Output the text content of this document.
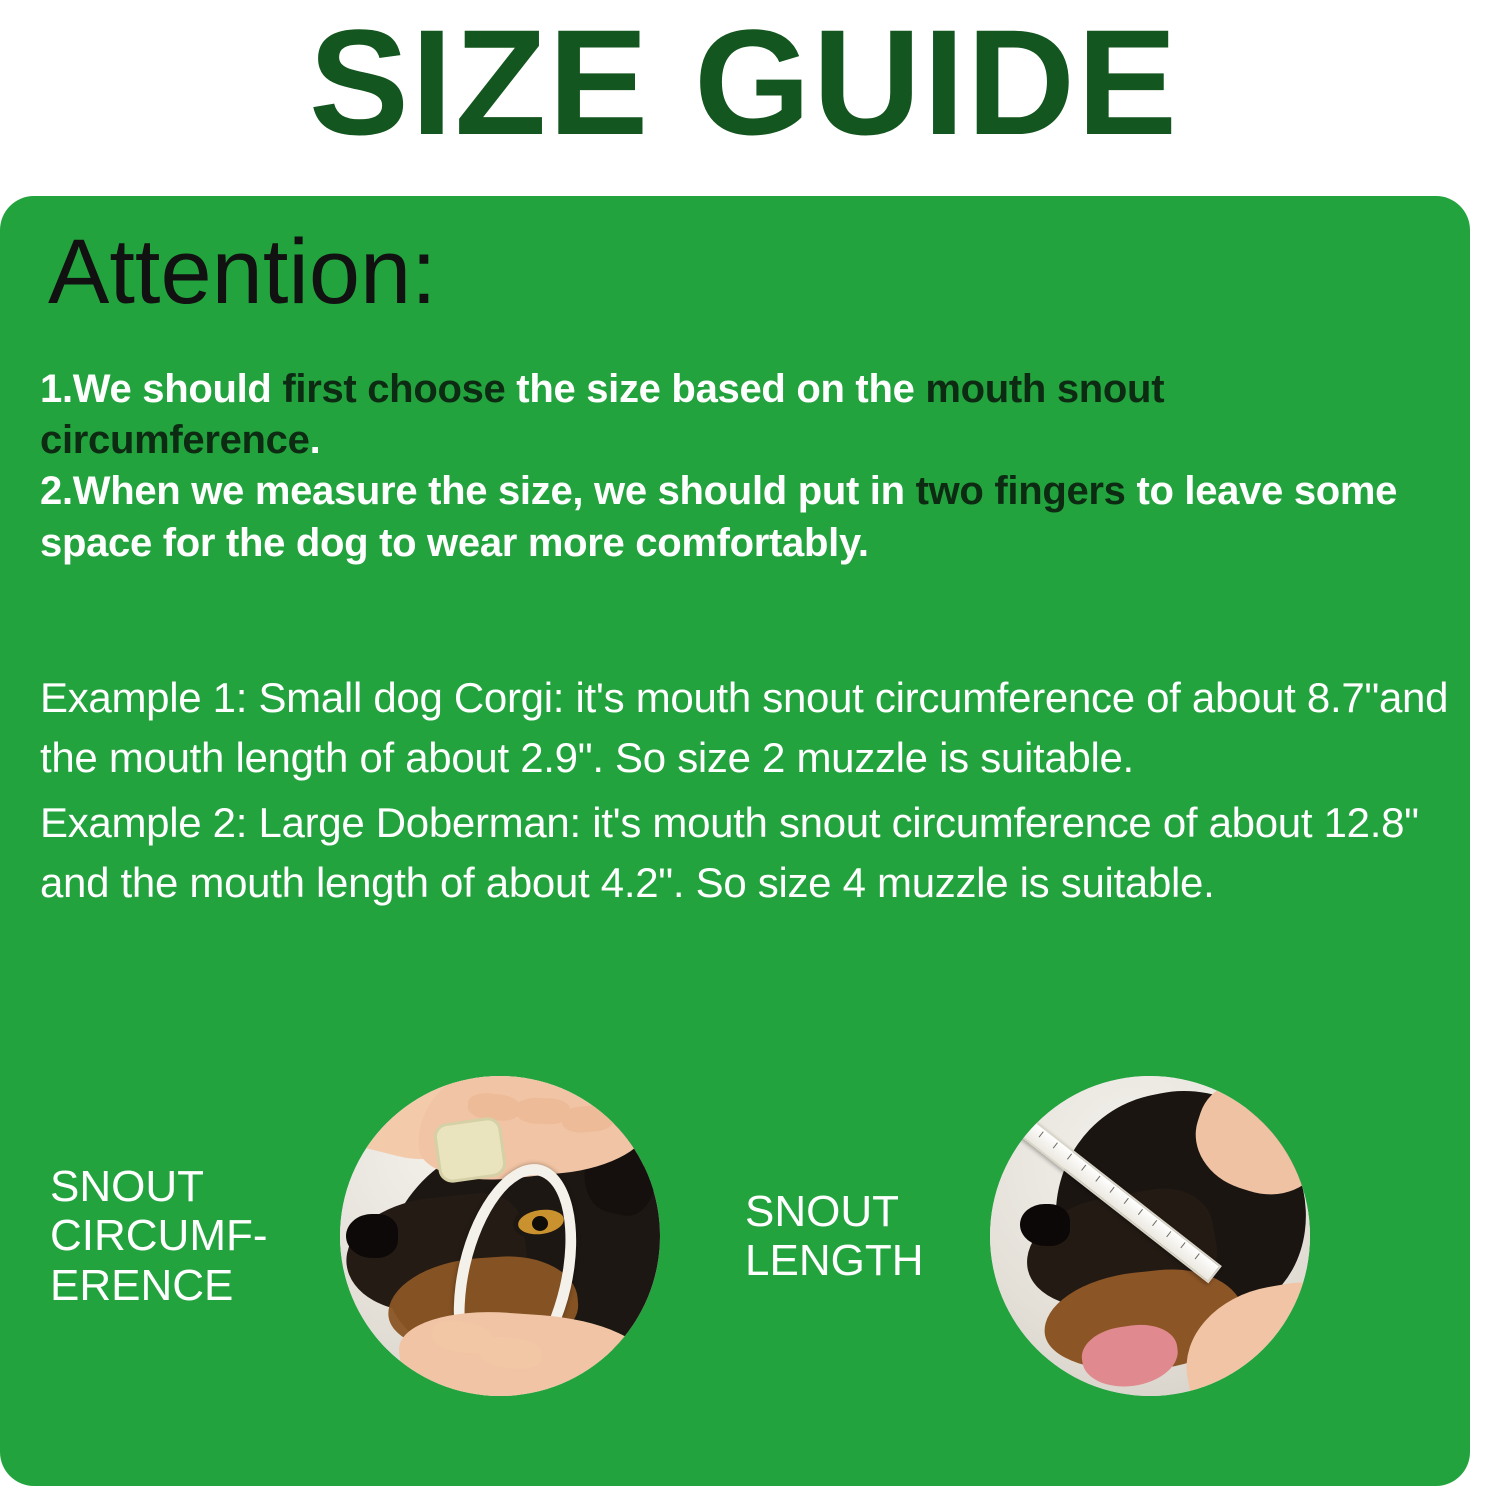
SIZE GUIDE
Attention:
1.We should first choose the size based on the mouth snout circumference.
2.When we measure the size, we should put in two fingers to leave some space for the dog to wear more comfortably.

Example 1: Small dog Corgi: it's mouth snout circumference of about 8.7"and the mouth length of about 2.9". So size 2 muzzle is suitable.

Example 2: Large Doberman: it's mouth snout circumference of about 12.8" and the mouth length of about 4.2". So size 4 muzzle is suitable.

SNOUT
CIRCUMF-
ERENCE
SNOUT
LENGTH
